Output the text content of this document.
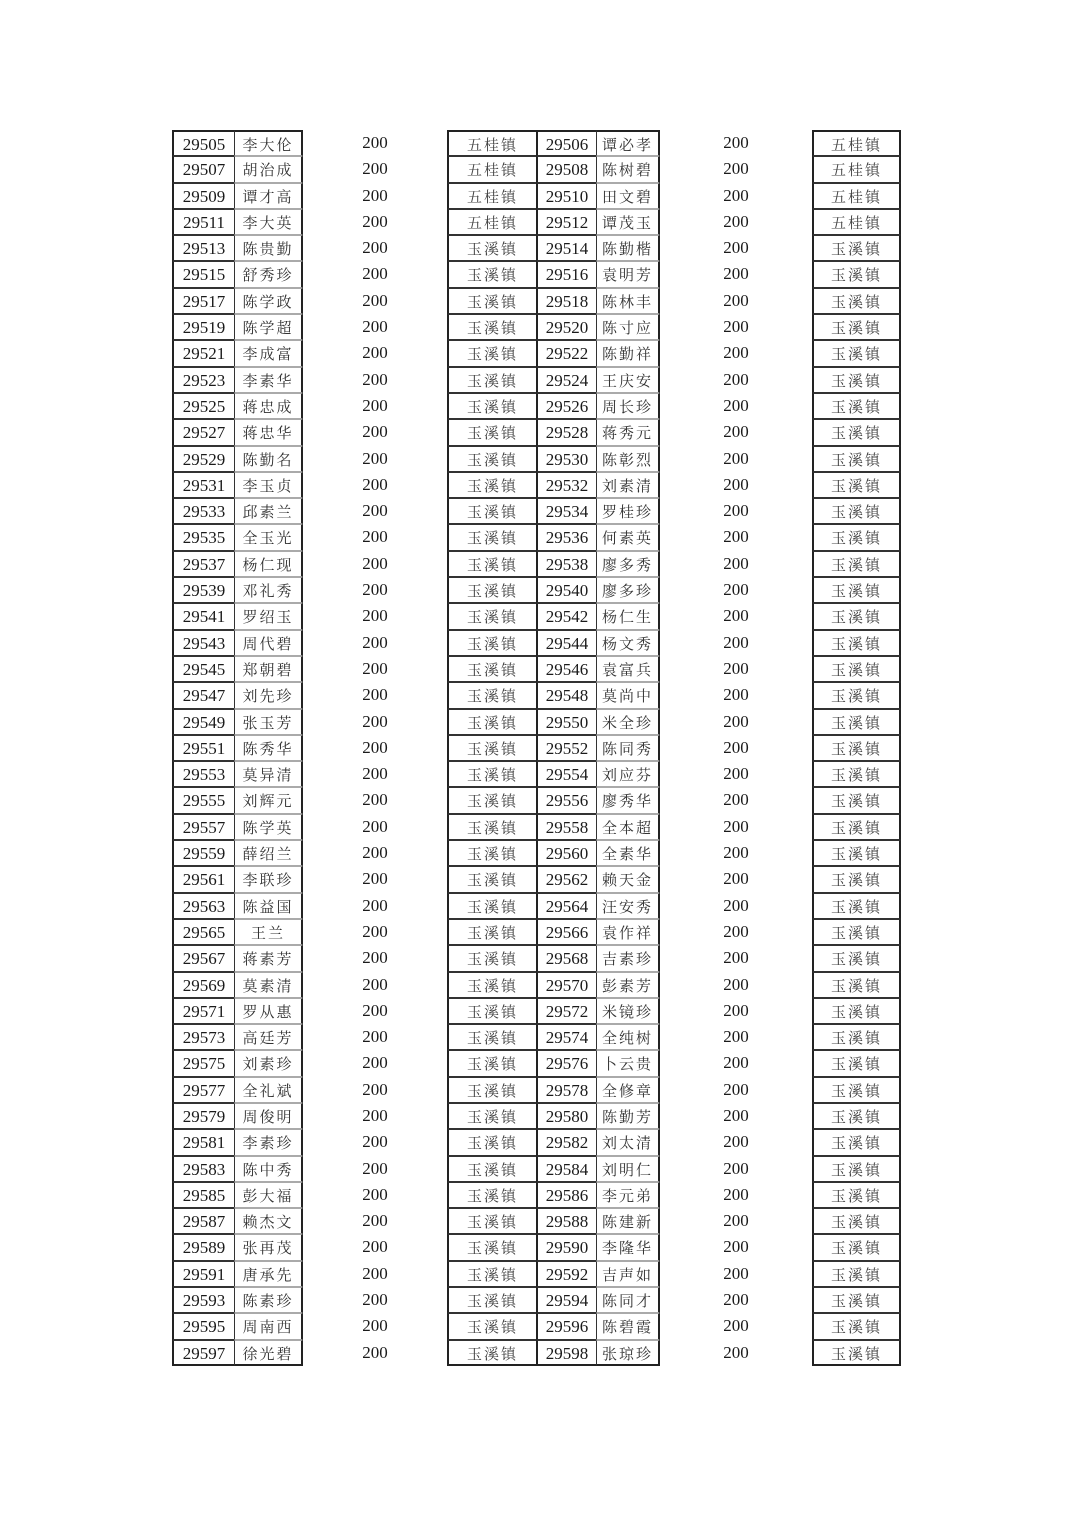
29505	李大伦	200	五桂镇	29506 谭必孝	200	五桂镇
29507	胡治成	200	五桂镇	29508 陈树碧	200	五桂镇
29509	谭才高	200	五桂镇	29510 田文碧	200	五桂镇
29511	李大英	200	五桂镇	29512 谭茂玉	200	五桂镇
29513	陈贵勤	200	玉溪镇	29514 陈勤楷	200	玉溪镇
29515	舒秀珍	200	玉溪镇	29516 袁明芳	200	玉溪镇
29517	陈学政	200	玉溪镇	29518 陈林丰	200	玉溪镇
29519	陈学超	200	玉溪镇	29520 陈寸应	200	玉溪镇
29521	李成富	200	玉溪镇	29522 陈勤祥	200	玉溪镇
29523	李素华	200	玉溪镇	29524 王庆安	200	玉溪镇
29525	蒋忠成	200	玉溪镇	29526 周长珍	200	玉溪镇
29527	蒋忠华	200	玉溪镇	29528 蒋秀元	200	玉溪镇
29529	陈勤名	200	玉溪镇	29530 陈彰烈	200	玉溪镇
29531	李玉贞	200	玉溪镇	29532 刘素清	200	玉溪镇
29533	邱素兰	200	玉溪镇	29534 罗桂珍	200	玉溪镇
29535	全玉光	200	玉溪镇	29536 何素英	200	玉溪镇
29537	杨仁现	200	玉溪镇	29538 廖多秀	200	玉溪镇
29539	邓礼秀	200	玉溪镇	29540 廖多珍	200	玉溪镇
29541	罗绍玉	200	玉溪镇	29542 杨仁生	200	玉溪镇
29543	周代碧	200	玉溪镇	29544 杨文秀	200	玉溪镇
29545	郑朝碧	200	玉溪镇	29546 袁富兵	200	玉溪镇
29547	刘先珍	200	玉溪镇	29548 莫尚中	200	玉溪镇
29549	张玉芳	200	玉溪镇	29550 米全珍	200	玉溪镇
29551	陈秀华	200	玉溪镇	29552 陈同秀	200	玉溪镇
29553	莫异清	200	玉溪镇	29554 刘应芬	200	玉溪镇
29555	刘辉元	200	玉溪镇	29556 廖秀华	200	玉溪镇
29557	陈学英	200	玉溪镇	29558 全本超	200	玉溪镇
29559	薛绍兰	200	玉溪镇	29560 全素华	200	玉溪镇
29561	李联珍	200	玉溪镇	29562 赖天金	200	玉溪镇
29563	陈益国	200	玉溪镇	29564 汪安秀	200	玉溪镇
29565	王兰	200	玉溪镇	29566 袁作祥	200	玉溪镇
29567	蒋素芳	200	玉溪镇	29568 吉素珍	200	玉溪镇
29569	莫素清	200	玉溪镇	29570 彭素芳	200	玉溪镇
29571	罗从惠	200	玉溪镇	29572 米镜珍	200	玉溪镇
29573	高廷芳	200	玉溪镇	29574 全纯树	200	玉溪镇
29575	刘素珍	200	玉溪镇	29576 卜云贵	200	玉溪镇
29577	全礼斌	200	玉溪镇	29578 全修章	200	玉溪镇
29579	周俊明	200	玉溪镇	29580 陈勤芳	200	玉溪镇
29581	李素珍	200	玉溪镇	29582 刘太清	200	玉溪镇
29583	陈中秀	200	玉溪镇	29584 刘明仁	200	玉溪镇
29585	彭大福	200	玉溪镇	29586 李元弟	200	玉溪镇
29587	赖杰文	200	玉溪镇	29588 陈建新	200	玉溪镇
29589	张再茂	200	玉溪镇	29590 李隆华	200	玉溪镇
29591	唐承先	200	玉溪镇	29592 吉声如	200	玉溪镇
29593	陈素珍	200	玉溪镇	29594 陈同才	200	玉溪镇
29595	周南西	200	玉溪镇	29596 陈碧霞	200	玉溪镇
29597	徐光碧	200	玉溪镇	29598 张琼珍	200	玉溪镇
